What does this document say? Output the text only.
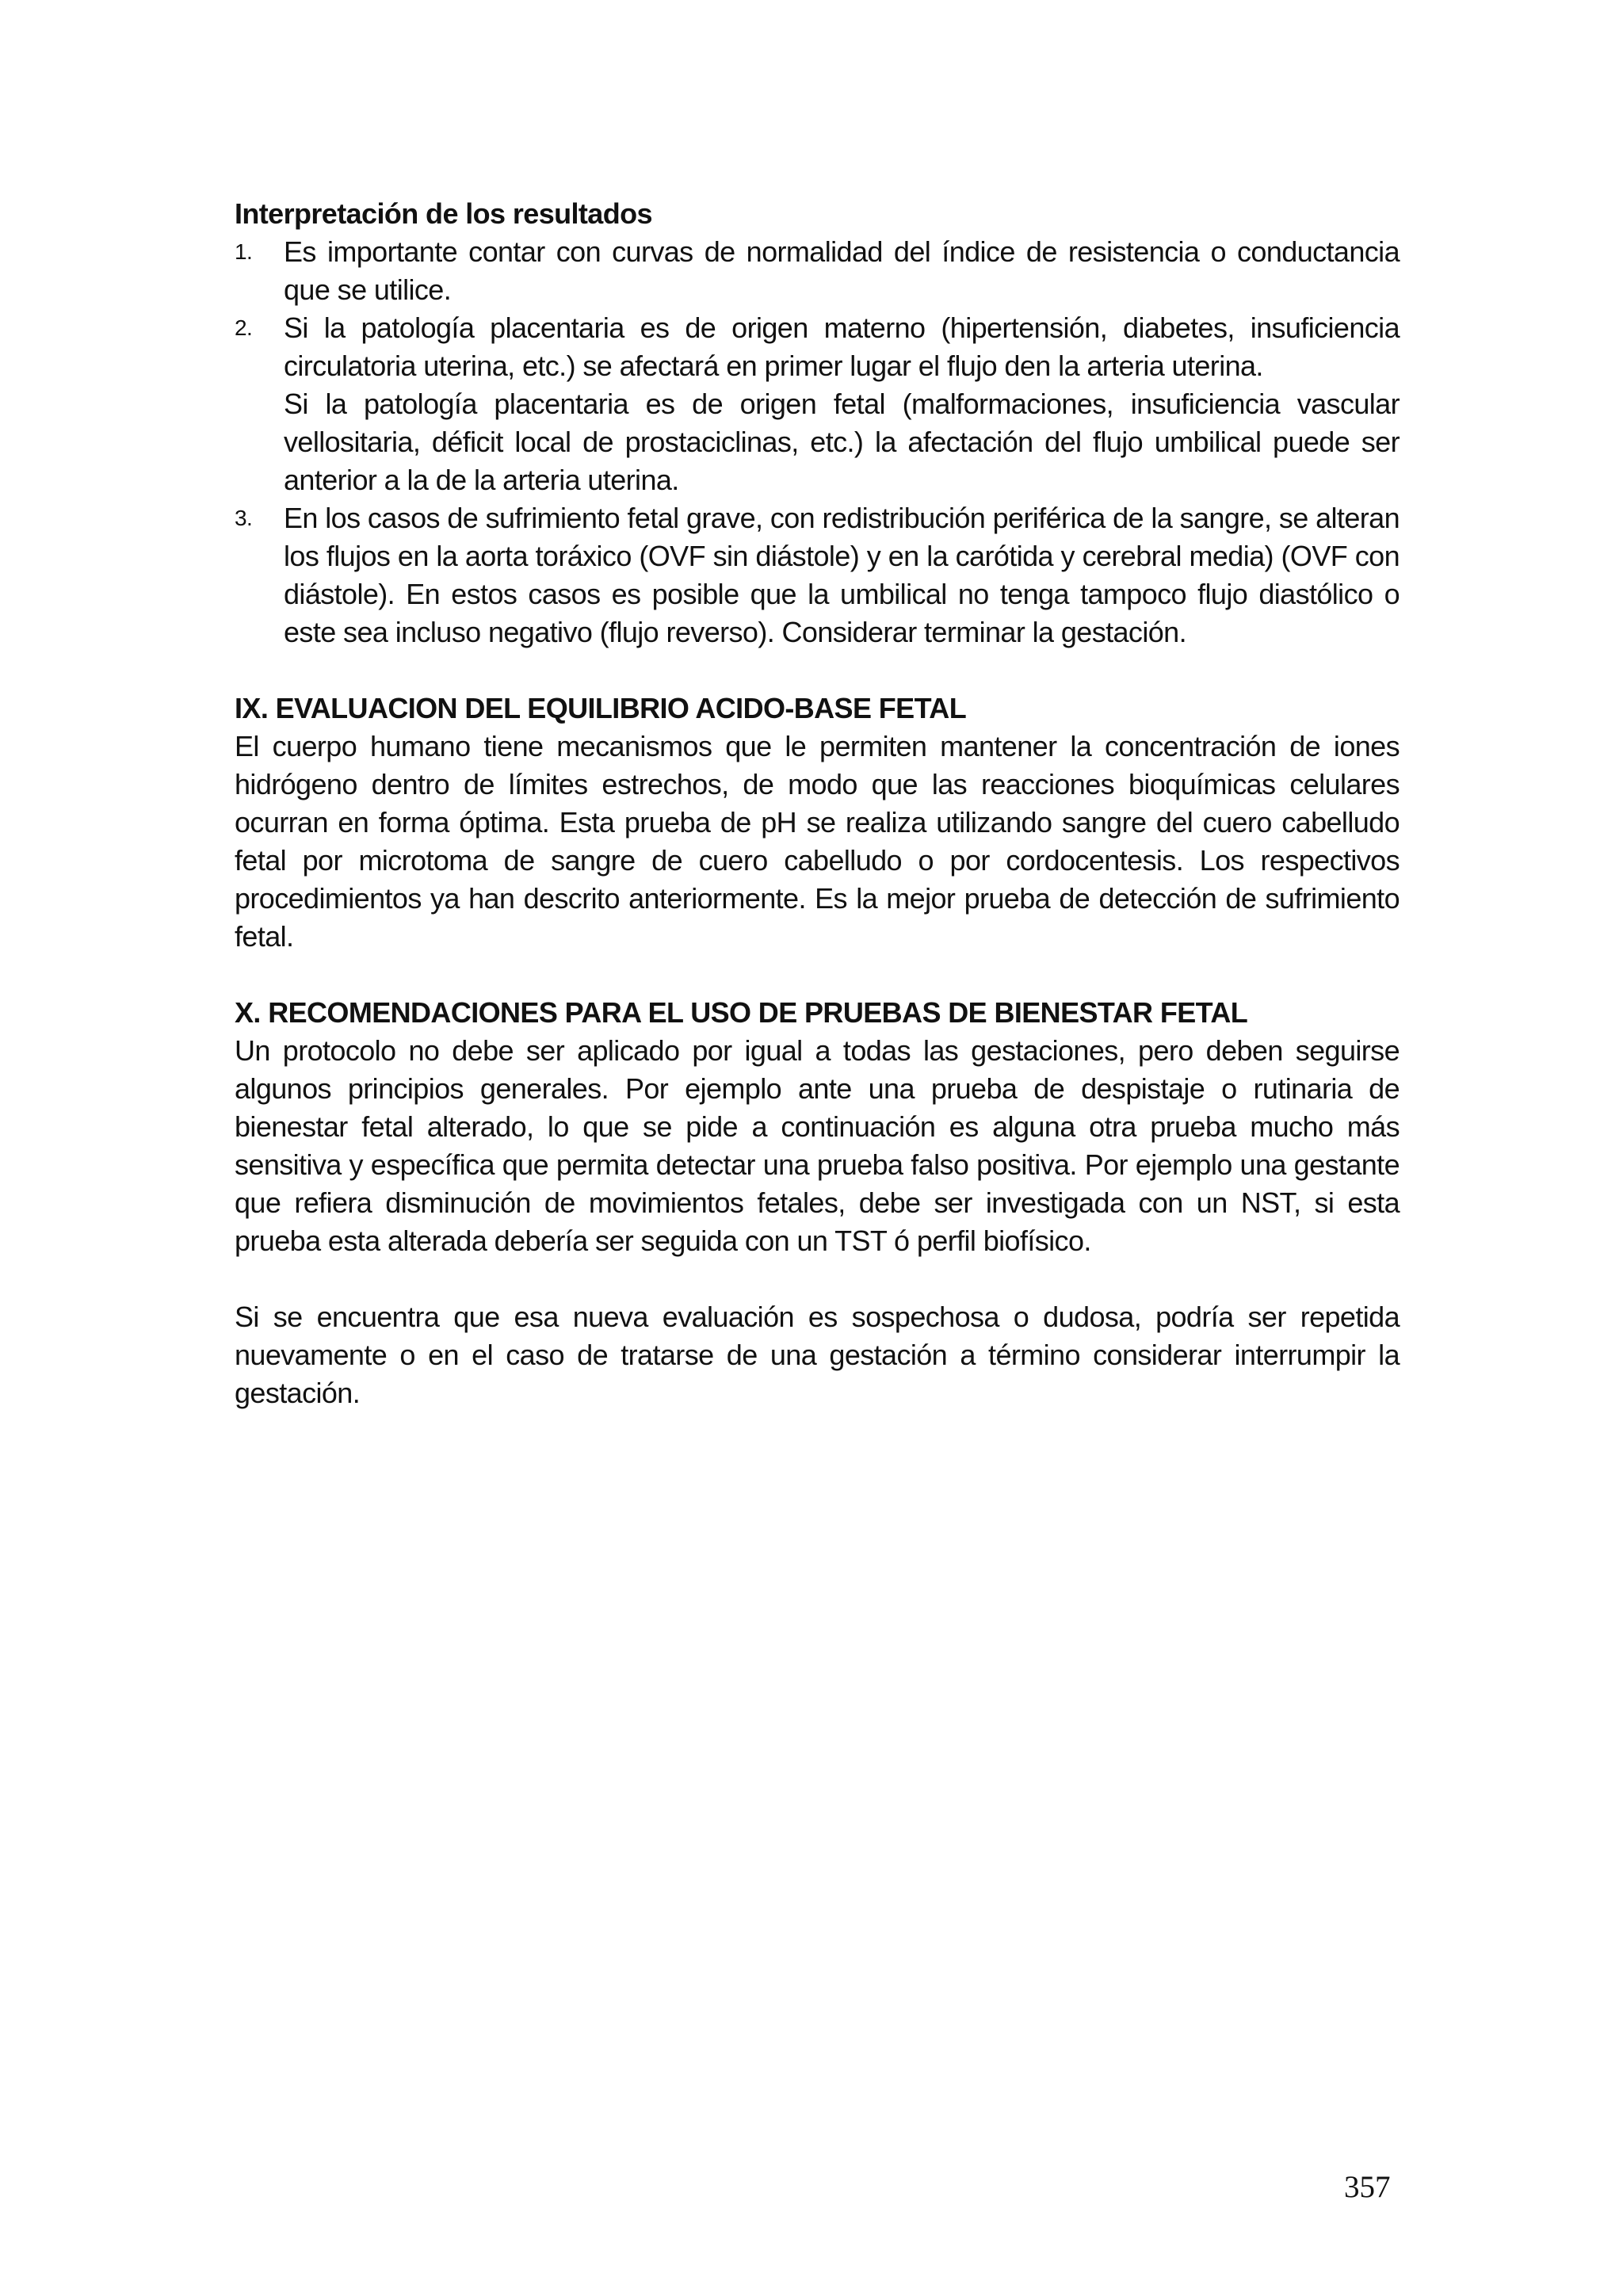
Interpretación de los resultados

1. Es importante contar con curvas de normalidad del índice de resistencia o conductancia que se utilice.

2. Si la patología placentaria es de origen materno (hipertensión, diabetes, insuficiencia circulatoria uterina, etc.) se afectará en primer lugar el flujo den la arteria uterina.

Si la patología placentaria es de origen fetal (malformaciones, insuficiencia vascular vellositaria, déficit local de prostaciclinas, etc.) la afectación del flujo umbilical puede ser anterior a la de la arteria uterina.

3. En los casos de sufrimiento fetal grave, con redistribución periférica de la sangre, se alteran los flujos en la aorta toráxico (OVF sin diástole) y en la carótida y cerebral media) (OVF con diástole). En estos casos es posible que la umbilical no tenga tampoco flujo diastólico o este sea incluso negativo (flujo reverso). Considerar terminar la gestación.

IX. EVALUACION DEL EQUILIBRIO ACIDO-BASE FETAL

El cuerpo humano tiene mecanismos que le permiten mantener la concentración de iones hidrógeno dentro de límites estrechos, de modo que las reacciones bioquímicas celulares ocurran en forma óptima. Esta prueba de pH se realiza utilizando sangre del cuero cabelludo fetal por microtoma de sangre de cuero cabelludo o por cordocentesis. Los respectivos procedimientos ya han descrito anteriormente. Es la mejor prueba de detección de sufrimiento fetal.

X. RECOMENDACIONES PARA EL USO DE PRUEBAS DE BIENESTAR FETAL

Un protocolo no debe ser aplicado por igual a todas las gestaciones, pero deben seguirse algunos principios generales. Por ejemplo ante una prueba de despistaje o rutinaria de bienestar fetal alterado, lo que se pide a continuación es alguna otra prueba mucho más sensitiva y específica que permita detectar una prueba falso positiva. Por ejemplo una gestante que refiera disminución de movimientos fetales, debe ser investigada con un NST, si esta prueba esta alterada debería ser seguida con un TST ó perfil biofísico.

Si se encuentra que esa nueva evaluación es sospechosa o dudosa, podría ser repetida nuevamente o en el caso de tratarse de una gestación a término considerar interrumpir la gestación.

357
